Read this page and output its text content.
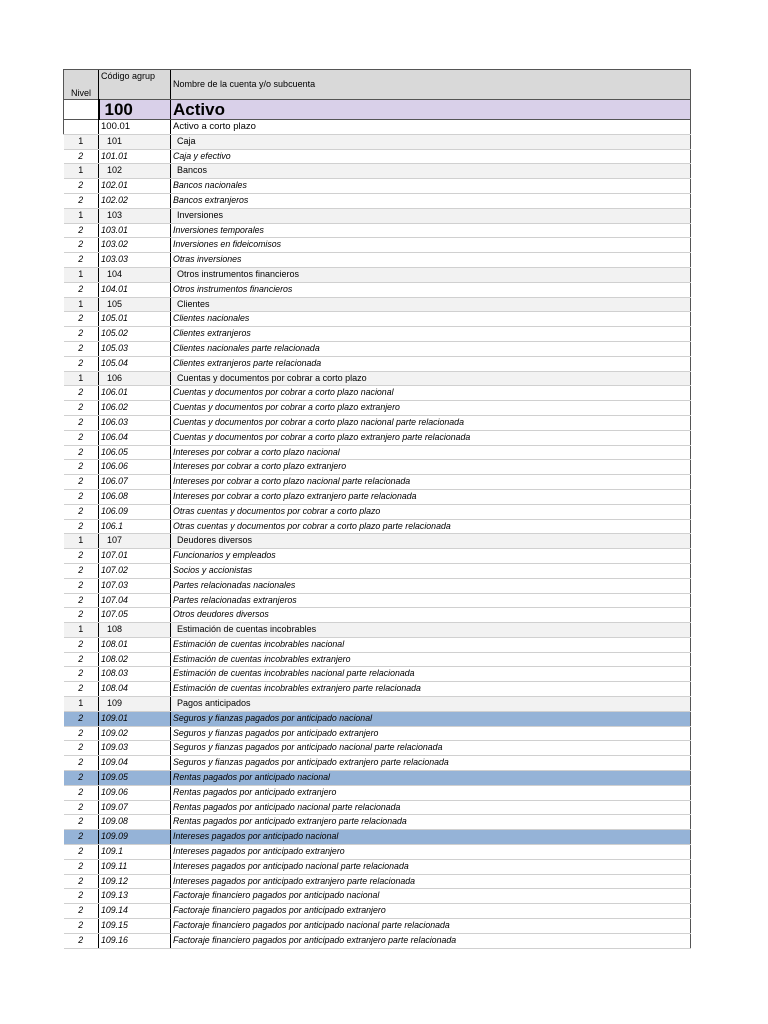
Nivel	Código agrup	Nombre de la cuenta y/o subcuenta
	100	Activo
	100.01	Activo a corto plazo
1	101	Caja
2	101.01	Caja y efectivo
1	102	Bancos
2	102.01	Bancos nacionales
2	102.02	Bancos extranjeros
1	103	Inversiones
2	103.01	Inversiones temporales
2	103.02	Inversiones en fideicomisos
2	103.03	Otras inversiones
1	104	Otros instrumentos financieros
2	104.01	Otros instrumentos financieros
1	105	Clientes
2	105.01	Clientes nacionales
2	105.02	Clientes extranjeros
2	105.03	Clientes nacionales parte relacionada
2	105.04	Clientes extranjeros parte relacionada
1	106	Cuentas y documentos por cobrar a corto plazo
2	106.01	Cuentas y documentos por cobrar a corto plazo nacional
2	106.02	Cuentas y documentos por cobrar a corto plazo extranjero
2	106.03	Cuentas y documentos por cobrar a corto plazo nacional parte relacionada
2	106.04	Cuentas y documentos por cobrar a corto plazo extranjero parte relacionada
2	106.05	Intereses por cobrar a corto plazo nacional
2	106.06	Intereses por cobrar a corto plazo extranjero
2	106.07	Intereses por cobrar a corto plazo nacional parte relacionada
2	106.08	Intereses por cobrar a corto plazo extranjero parte relacionada
2	106.09	Otras cuentas y documentos por cobrar a corto plazo
2	106.1	Otras cuentas y documentos por cobrar a corto plazo parte relacionada
1	107	Deudores diversos
2	107.01	Funcionarios y empleados
2	107.02	Socios y accionistas
2	107.03	Partes relacionadas nacionales
2	107.04	Partes relacionadas extranjeros
2	107.05	Otros deudores diversos
1	108	Estimación de cuentas incobrables
2	108.01	Estimación de cuentas incobrables nacional
2	108.02	Estimación de cuentas incobrables extranjero
2	108.03	Estimación de cuentas incobrables nacional parte relacionada
2	108.04	Estimación de cuentas incobrables extranjero parte relacionada
1	109	Pagos anticipados
2	109.01	Seguros y fianzas pagados por anticipado nacional
2	109.02	Seguros y fianzas pagados por anticipado extranjero
2	109.03	Seguros y fianzas pagados por anticipado nacional parte relacionada
2	109.04	Seguros y fianzas pagados por anticipado extranjero parte relacionada
2	109.05	Rentas pagados por anticipado nacional
2	109.06	Rentas pagados por anticipado extranjero
2	109.07	Rentas pagados por anticipado nacional parte relacionada
2	109.08	Rentas pagados por anticipado extranjero parte relacionada
2	109.09	Intereses pagados por anticipado nacional
2	109.1	Intereses pagados por anticipado extranjero
2	109.11	Intereses pagados por anticipado nacional parte relacionada
2	109.12	Intereses pagados por anticipado extranjero parte relacionada
2	109.13	Factoraje financiero pagados por anticipado nacional
2	109.14	Factoraje financiero pagados por anticipado extranjero
2	109.15	Factoraje financiero pagados por anticipado nacional parte relacionada
2	109.16	Factoraje financiero pagados por anticipado extranjero parte relacionada
